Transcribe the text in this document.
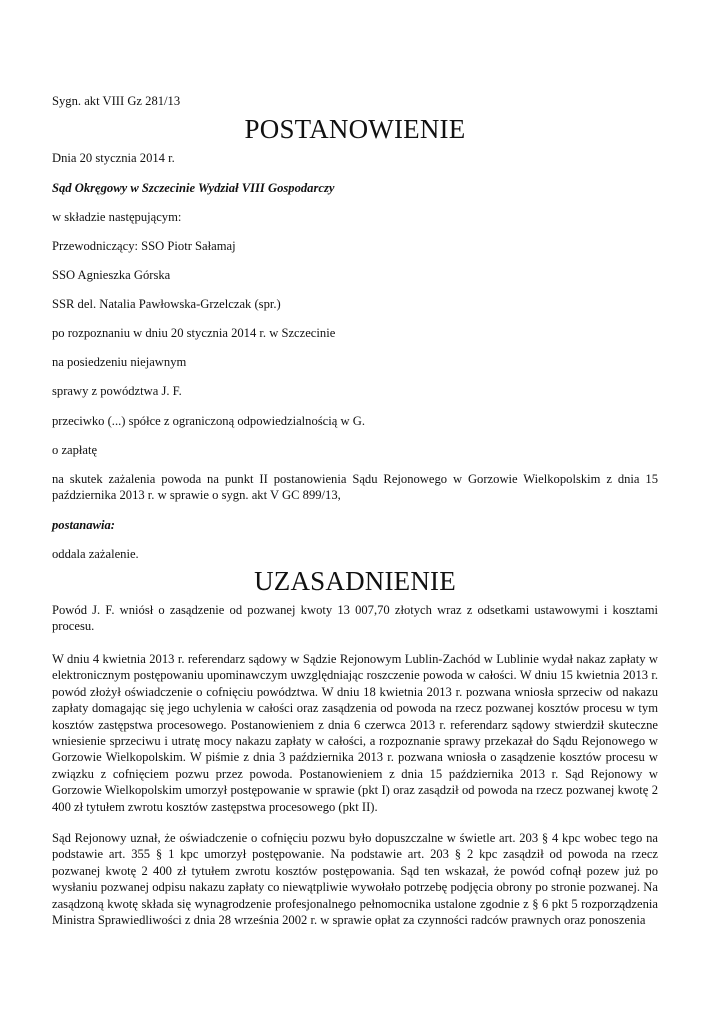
Sygn. akt VIII Gz 281/13
POSTANOWIENIE
Dnia 20 stycznia 2014 r.
Sąd Okręgowy w Szczecinie Wydział VIII Gospodarczy
w składzie następującym:
Przewodniczący: SSO Piotr Sałamaj
SSO Agnieszka Górska
SSR del. Natalia Pawłowska-Grzelczak (spr.)
po rozpoznaniu w dniu 20 stycznia 2014 r. w Szczecinie
na posiedzeniu niejawnym
sprawy z powództwa J. F.
przeciwko (...) spółce z ograniczoną odpowiedzialnością w G.
o zapłatę
na skutek zażalenia powoda na punkt II postanowienia Sądu Rejonowego w Gorzowie Wielkopolskim z dnia 15 października 2013 r. w sprawie o sygn. akt V GC 899/13,
postanawia:
oddala zażalenie.
UZASADNIENIE
Powód J. F. wniósł o zasądzenie od pozwanej kwoty 13 007,70 złotych wraz z odsetkami ustawowymi i kosztami procesu.
W dniu 4 kwietnia 2013 r. referendarz sądowy w Sądzie Rejonowym Lublin-Zachód w Lublinie wydał nakaz zapłaty w elektronicznym postępowaniu upominawczym uwzględniając roszczenie powoda w całości. W dniu 15 kwietnia 2013 r. powód złożył oświadczenie o cofnięciu powództwa. W dniu 18 kwietnia 2013 r. pozwana wniosła sprzeciw od nakazu zapłaty domagając się jego uchylenia w całości oraz zasądzenia od powoda na rzecz pozwanej kosztów procesu w tym kosztów zastępstwa procesowego. Postanowieniem z dnia 6 czerwca 2013 r. referendarz sądowy stwierdził skuteczne wniesienie sprzeciwu i utratę mocy nakazu zapłaty w całości, a rozpoznanie sprawy przekazał do Sądu Rejonowego w Gorzowie Wielkopolskim. W piśmie z dnia 3 października 2013 r. pozwana wniosła o zasądzenie kosztów procesu w związku z cofnięciem pozwu przez powoda. Postanowieniem z dnia 15 października 2013 r. Sąd Rejonowy w Gorzowie Wielkopolskim umorzył postępowanie w sprawie (pkt I) oraz zasądził od powoda na rzecz pozwanej kwotę 2 400 zł tytułem zwrotu kosztów zastępstwa procesowego (pkt II).
Sąd Rejonowy uznał, że oświadczenie o cofnięciu pozwu było dopuszczalne w świetle art. 203 § 4 kpc wobec tego na podstawie art. 355 § 1 kpc umorzył postępowanie. Na podstawie art. 203 § 2 kpc zasądził od powoda na rzecz pozwanej kwotę 2 400 zł tytułem zwrotu kosztów postępowania. Sąd ten wskazał, że powód cofnął pozew już po wysłaniu pozwanej odpisu nakazu zapłaty co niewątpliwie wywołało potrzebę podjęcia obrony po stronie pozwanej. Na zasądzoną kwotę składa się wynagrodzenie profesjonalnego pełnomocnika ustalone zgodnie z § 6 pkt 5 rozporządzenia Ministra Sprawiedliwości z dnia 28 września 2002 r. w sprawie opłat za czynności radców prawnych oraz ponoszenia
